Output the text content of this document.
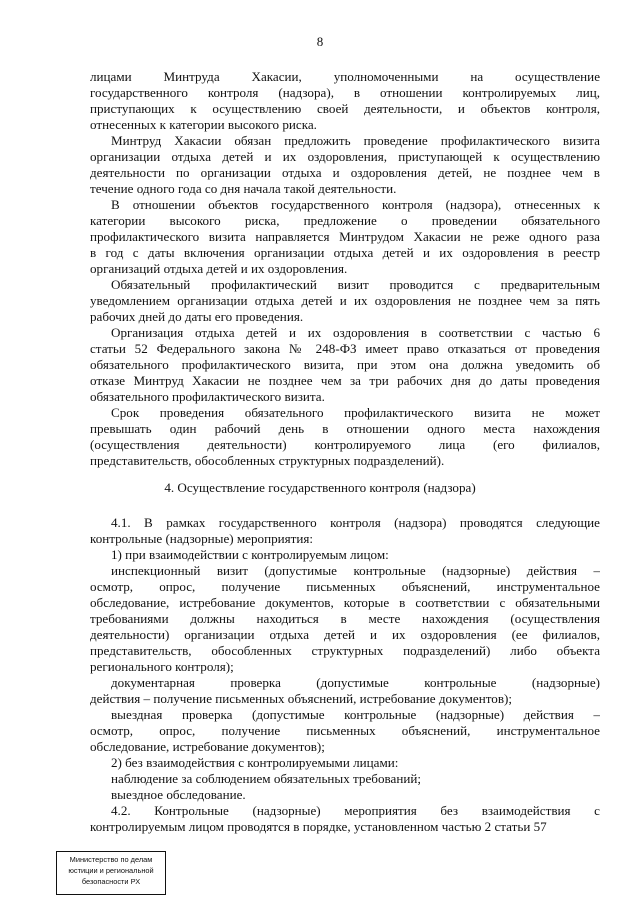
8
лицами Минтруда Хакасии, уполномоченными на осуществление
государственного контроля (надзора), в отношении контролируемых лиц,
приступающих к осуществлению своей деятельности, и объектов контроля,
отнесенных к категории высокого риска.
Минтруд Хакасии обязан предложить проведение профилактического визита
организации отдыха детей и их оздоровления, приступающей к осуществлению
деятельности по организации отдыха и оздоровления детей, не позднее чем в
течение одного года со дня начала такой деятельности.
В отношении объектов государственного контроля (надзора), отнесенных к
категории высокого риска, предложение о проведении обязательного
профилактического визита направляется Минтрудом Хакасии не реже одного раза
в год с даты включения организации отдыха детей и их оздоровления в реестр
организаций отдыха детей и их оздоровления.
Обязательный профилактический визит проводится с предварительным
уведомлением организации отдыха детей и их оздоровления не позднее чем за пять
рабочих дней до даты его проведения.
Организация отдыха детей и их оздоровления в соответствии с частью 6
статьи 52 Федерального закона № 248-ФЗ имеет право отказаться от проведения
обязательного профилактического визита, при этом она должна уведомить об
отказе Минтруд Хакасии не позднее чем за три рабочих дня до даты проведения
обязательного профилактического визита.
Срок проведения обязательного профилактического визита не может
превышать один рабочий день в отношении одного места нахождения
(осуществления деятельности) контролируемого лица (его филиалов,
представительств, обособленных структурных подразделений).
4.1. В рамках государственного контроля (надзора) проводятся следующие
контрольные (надзорные) мероприятия:
1) при взаимодействии с контролируемым лицом:
инспекционный визит (допустимые контрольные (надзорные) действия –
осмотр, опрос, получение письменных объяснений, инструментальное
обследование, истребование документов, которые в соответствии с обязательными
требованиями должны находиться в месте нахождения (осуществления
деятельности) организации отдыха детей и их оздоровления (ее филиалов,
представительств, обособленных структурных подразделений) либо объекта
регионального контроля);
документарная проверка (допустимые контрольные (надзорные)
действия – получение письменных объяснений, истребование документов);
выездная проверка (допустимые контрольные (надзорные) действия –
осмотр, опрос, получение письменных объяснений, инструментальное
обследование, истребование документов);
2) без взаимодействия с контролируемыми лицами:
наблюдение за соблюдением обязательных требований;
выездное обследование.
4.2. Контрольные (надзорные) мероприятия без взаимодействия с
контролируемым лицом проводятся в порядке, установленном частью 2 статьи 57
4. Осуществление государственного контроля (надзора)
Министерство по делам
юстиции и региональной
безопасности РХ
